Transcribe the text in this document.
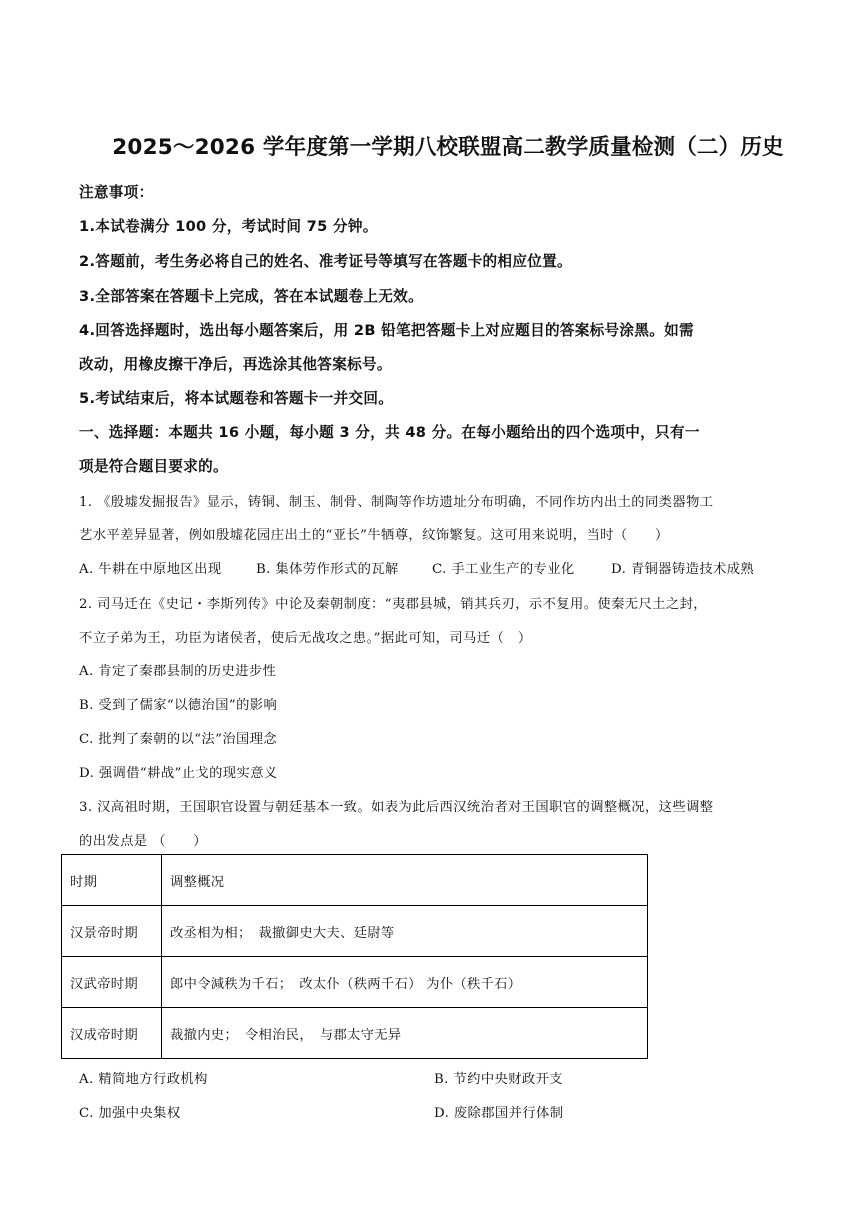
2025～2026 学年度第一学期八校联盟高二教学质量检测（二）历史
注意事项：
1.本试卷满分 100 分，考试时间 75 分钟。
2.答题前，考生务必将自己的姓名、准考证号等填写在答题卡的相应位置。
3.全部答案在答题卡上完成，答在本试题卷上无效。
4.回答选择题时，选出每小题答案后，用 2B 铅笔把答题卡上对应题目的答案标号涂黑。如需
改动，用橡皮擦干净后，再选涂其他答案标号。
5.考试结束后，将本试题卷和答题卡一并交回。
一、选择题：本题共 16 小题，每小题 3 分，共 48 分。在每小题给出的四个选项中，只有一
项是符合题目要求的。
1. 《殷墟发掘报告》显示，铸铜、制玉、制骨、制陶等作坊遗址分布明确，不同作坊内出土的同类器物工
艺水平差异显著，例如殷墟花园庄出土的“亚长”牛牺尊，纹饰繁复。这可用来说明，当时（　　）
A. 牛耕在中原地区出现	B. 集体劳作形式的瓦解	C. 手工业生产的专业化	D. 青铜器铸造技术成熟
2. 司马迁在《史记・李斯列传》中论及秦朝制度：“夷郡县城，销其兵刃，示不复用。使秦无尺土之封，
不立子弟为王，功臣为诸侯者，使后无战攻之患。”据此可知，司马迁（　）
A. 肯定了秦郡县制的历史进步性
B. 受到了儒家“以德治国”的影响
C. 批判了秦朝的以“法”治国理念
D. 强调借“耕战”止戈的现实意义
3. 汉高祖时期，王国职官设置与朝廷基本一致。如表为此后西汉统治者对王国职官的调整概况，这些调整
的出发点是 （　　）
时期	调整概况
汉景帝时期	改丞相为相；　裁撤御史大夫、廷尉等
汉武帝时期	郎中令減秩为千石；　改太仆（秩两千石） 为仆（秩千石）
汉成帝时期	裁撤内史；　令相治民，　与郡太守无异
A. 精简地方行政机构	B. 节约中央财政开支
C. 加强中央集权	D. 废除郡国并行体制
